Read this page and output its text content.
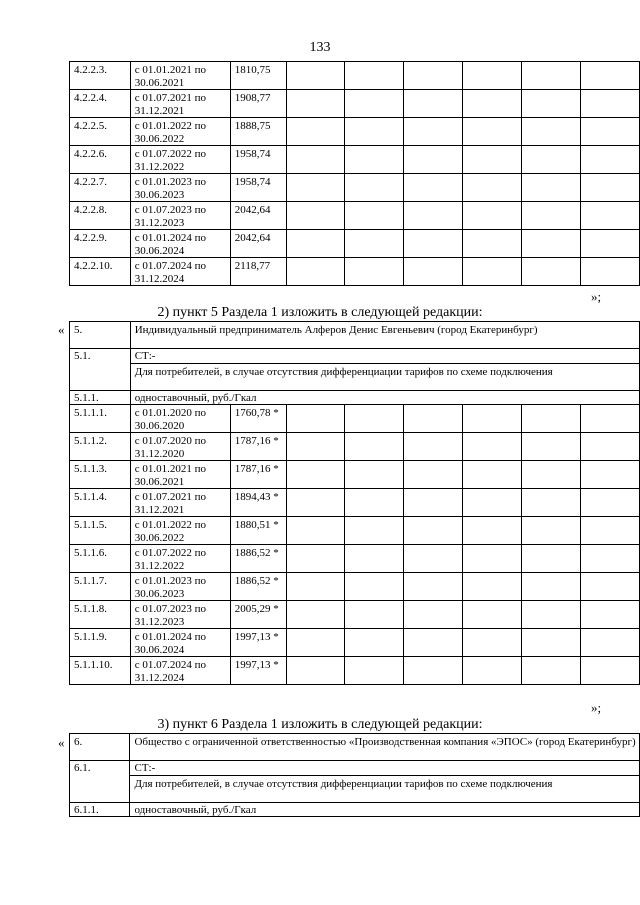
133
4.2.2.3.	с 01.01.2021 по
30.06.2021	1810,75						
4.2.2.4.	с 01.07.2021 по
31.12.2021	1908,77						
4.2.2.5.	с 01.01.2022 по
30.06.2022	1888,75						
4.2.2.6.	с 01.07.2022 по
31.12.2022	1958,74						
4.2.2.7.	с 01.01.2023 по
30.06.2023	1958,74						
4.2.2.8.	с 01.07.2023 по
31.12.2023	2042,64						
4.2.2.9.	с 01.01.2024 по
30.06.2024	2042,64						
4.2.2.10.	с 01.07.2024 по
31.12.2024	2118,77						
»;
2) пункт 5 Раздела 1 изложить в следующей редакции:
« 5.	Индивидуальный предприниматель Алферов Денис Евгеньевич (город Екатеринбург)							
5.1.	СТ:-							
	Для потребителей, в случае отсутствия дифференциации тарифов по схеме подключения							
5.1.1.	одноставочный, руб./Гкал							
5.1.1.1.	с 01.01.2020 по
30.06.2020	1760,78 *						
5.1.1.2.	с 01.07.2020 по
31.12.2020	1787,16 *						
5.1.1.3.	с 01.01.2021 по
30.06.2021	1787,16 *						
5.1.1.4.	с 01.07.2021 по
31.12.2021	1894,43 *						
5.1.1.5.	с 01.01.2022 по
30.06.2022	1880,51 *						
5.1.1.6.	с 01.07.2022 по
31.12.2022	1886,52 *						
5.1.1.7.	с 01.01.2023 по
30.06.2023	1886,52 *						
5.1.1.8.	с 01.07.2023 по
31.12.2023	2005,29 *						
5.1.1.9.	с 01.01.2024 по
30.06.2024	1997,13 *						
5.1.1.10.	с 01.07.2024 по
31.12.2024	1997,13 *						
»;
3) пункт 6 Раздела 1 изложить в следующей редакции:
« 6.	Общество с ограниченной ответственностью «Производственная компания «ЭПОС» (город Екатеринбург)
6.1.	СТ:-
	Для потребителей, в случае отсутствия дифференциации тарифов по схеме подключения
6.1.1.	одноставочный, руб./Гкал
